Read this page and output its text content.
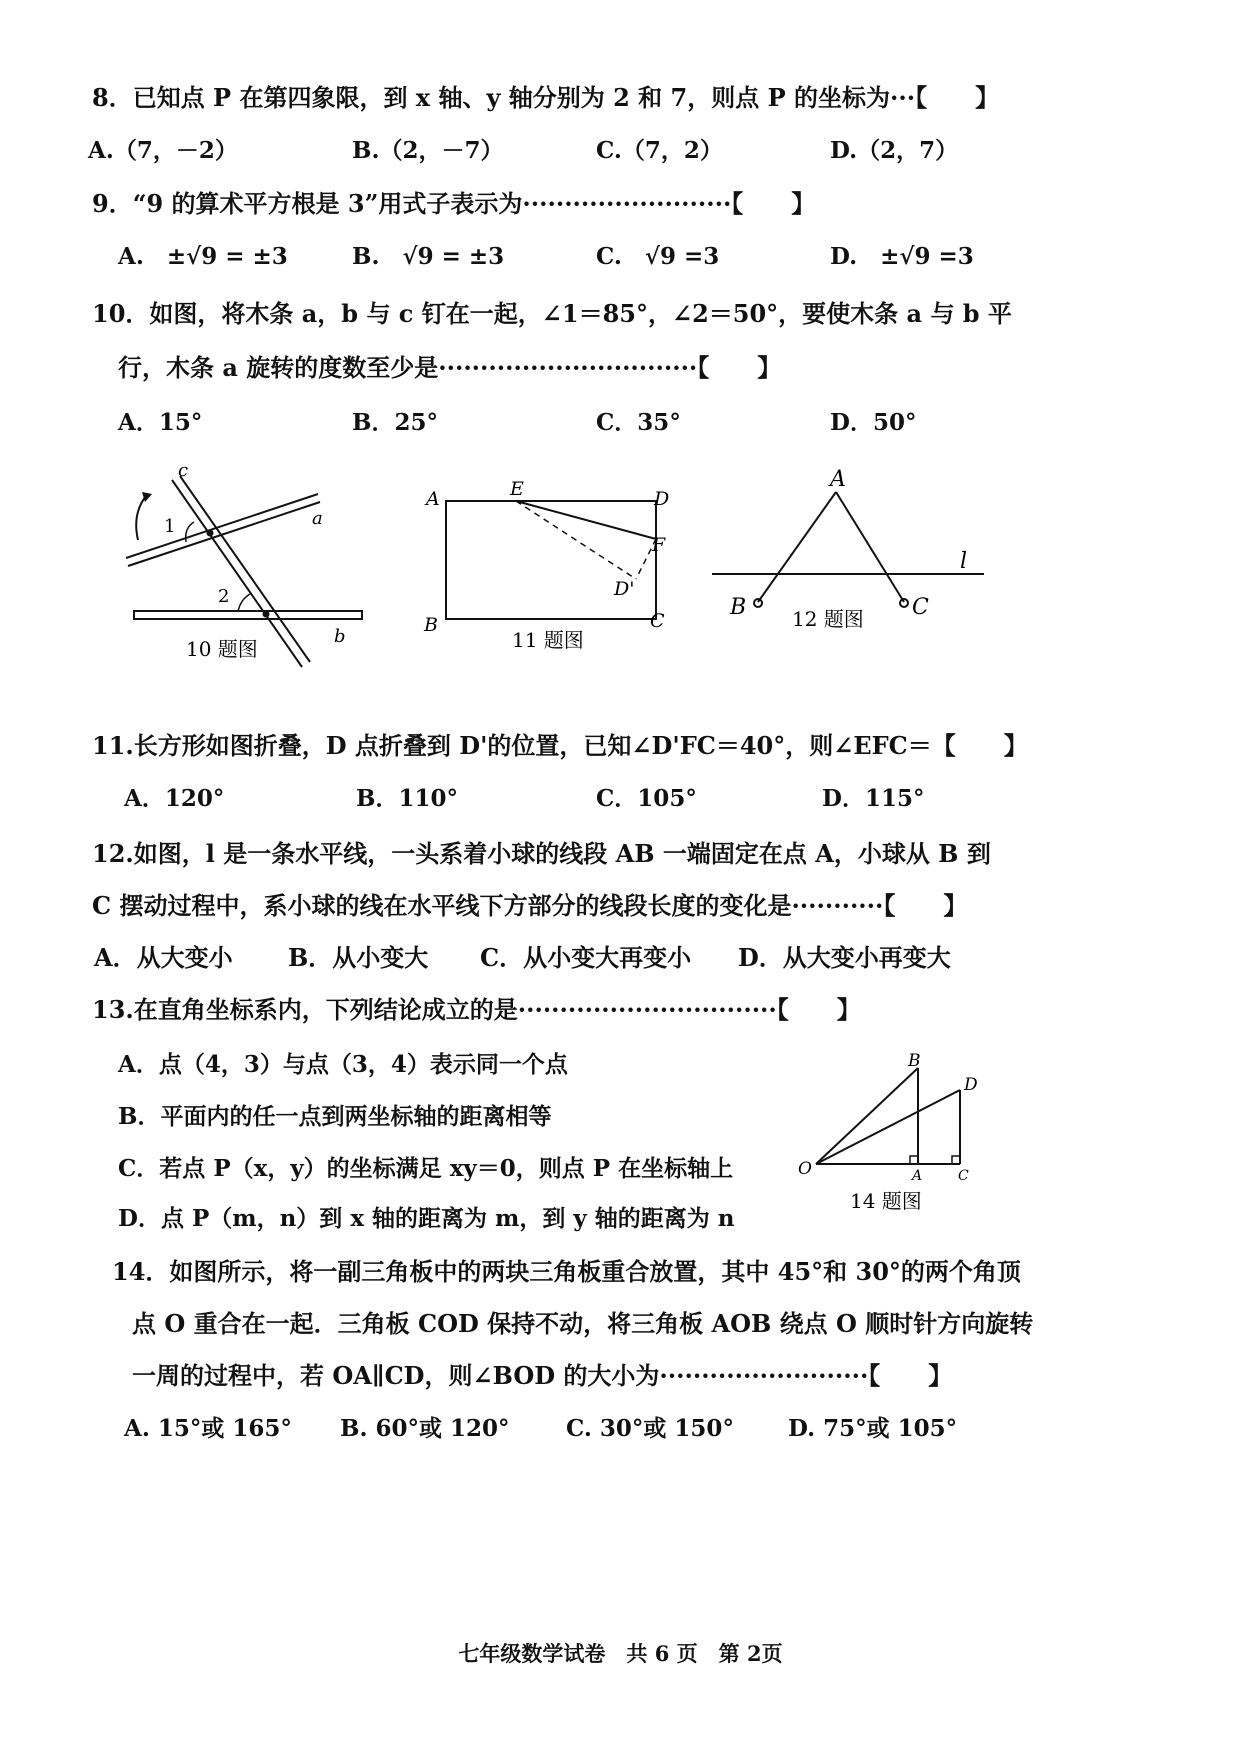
8．已知点 P 在第四象限，到 x 轴、y 轴分别为 2 和 7，则点 P 的坐标为···【　　】
A.（7，－2）	B.（2，－7）	C.（7，2）	D.（2，7）
9．“9 的算术平方根是 3”用式子表示为·························【　　】
A.　±√9 = ±3	B.　√9 = ±3	C.　√9 =3	D.　±√9 =3
10．如图，将木条 a，b 与 c 钉在一起，∠1＝85°，∠2＝50°，要使木条 a 与 b 平
行，木条 a 旋转的度数至少是·······························【　　】
A．15°	B．25°	C．35°	D．50°
c
1	a
2
b
10 题图
A	E	D
F
D'
B	C
11 题图
A
l
B	C
12 题图
11.长方形如图折叠，D 点折叠到 D'的位置，已知∠D'FC＝40°，则∠EFC＝【　　】
A．120°	B．110°	C．105°	D．115°
12.如图，l 是一条水平线，一头系着小球的线段 AB 一端固定在点 A，小球从 B 到
C 摆动过程中，系小球的线在水平线下方部分的线段长度的变化是···········【　　】
A．从大变小 B．从小变大 C．从小变大再变小 D．从大变小再变大
13.在直角坐标系内，下列结论成立的是·······························【　　】
A．点（4，3）与点（3，4）表示同一个点
B．平面内的任一点到两坐标轴的距离相等
C．若点 P（x，y）的坐标满足 xy＝0，则点 P 在坐标轴上
D．点 P（m，n）到 x 轴的距离为 m，到 y 轴的距离为 n
B
D
O	A	C
14 题图
14．如图所示，将一副三角板中的两块三角板重合放置，其中 45°和 30°的两个角顶
点 O 重合在一起．三角板 COD 保持不动，将三角板 AOB 绕点 O 顺时针方向旋转
一周的过程中，若 OA∥CD，则∠BOD 的大小为·························【　　】
A. 15°或 165° B. 60°或 120° C. 30°或 150° D. 75°或 105°
七年级数学试卷　共 6 页　第 2页
